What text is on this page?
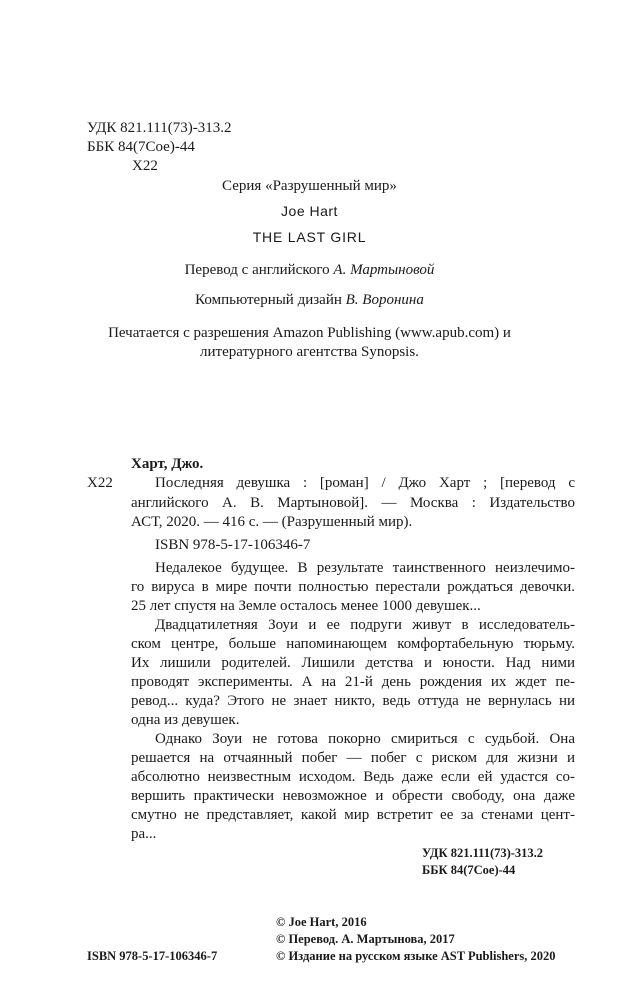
УДК 821.111(73)-313.2
ББК 84(7Сое)-44
Х22
Серия «Разрушенный мир»
Joe Hart
THE LAST GIRL
Перевод с английского А. Мартыновой
Компьютерный дизайн В. Воронина
Печатается с разрешения Amazon Publishing (www.apub.com) и
литературного агентства Synopsis.
Харт, Джо.
Х22	Последняя девушка : [роман] / Джо Харт ; [перевод с
английского А. В. Мартыновой]. — Москва : Издательство
АСТ, 2020. — 416 с. — (Разрушенный мир).
ISBN 978-5-17-106346-7
Недалекое будущее. В результате таинственного неизлечимо-
го вируса в мире почти полностью перестали рождаться девочки.
25 лет спустя на Земле осталось менее 1000 девушек...
Двадцатилетняя Зоуи и ее подруги живут в исследователь-
ском центре, больше напоминающем комфортабельную тюрьму.
Их лишили родителей. Лишили детства и юности. Над ними
проводят эксперименты. А на 21-й день рождения их ждет пе-
ревод... куда? Этого не знает никто, ведь оттуда не вернулась ни
одна из девушек.
Однако Зоуи не готова покорно смириться с судьбой. Она
решается на отчаянный побег — побег с риском для жизни и
абсолютно неизвестным исходом. Ведь даже если ей удастся со-
вершить практически невозможное и обрести свободу, она даже
смутно не представляет, какой мир встретит ее за стенами цент-
ра...
УДК 821.111(73)-313.2
ББК 84(7Сое)-44
© Joe Hart, 2016
© Перевод. А. Мартынова, 2017
ISBN 978-5-17-106346-7	© Издание на русском языке AST Publishers, 2020
